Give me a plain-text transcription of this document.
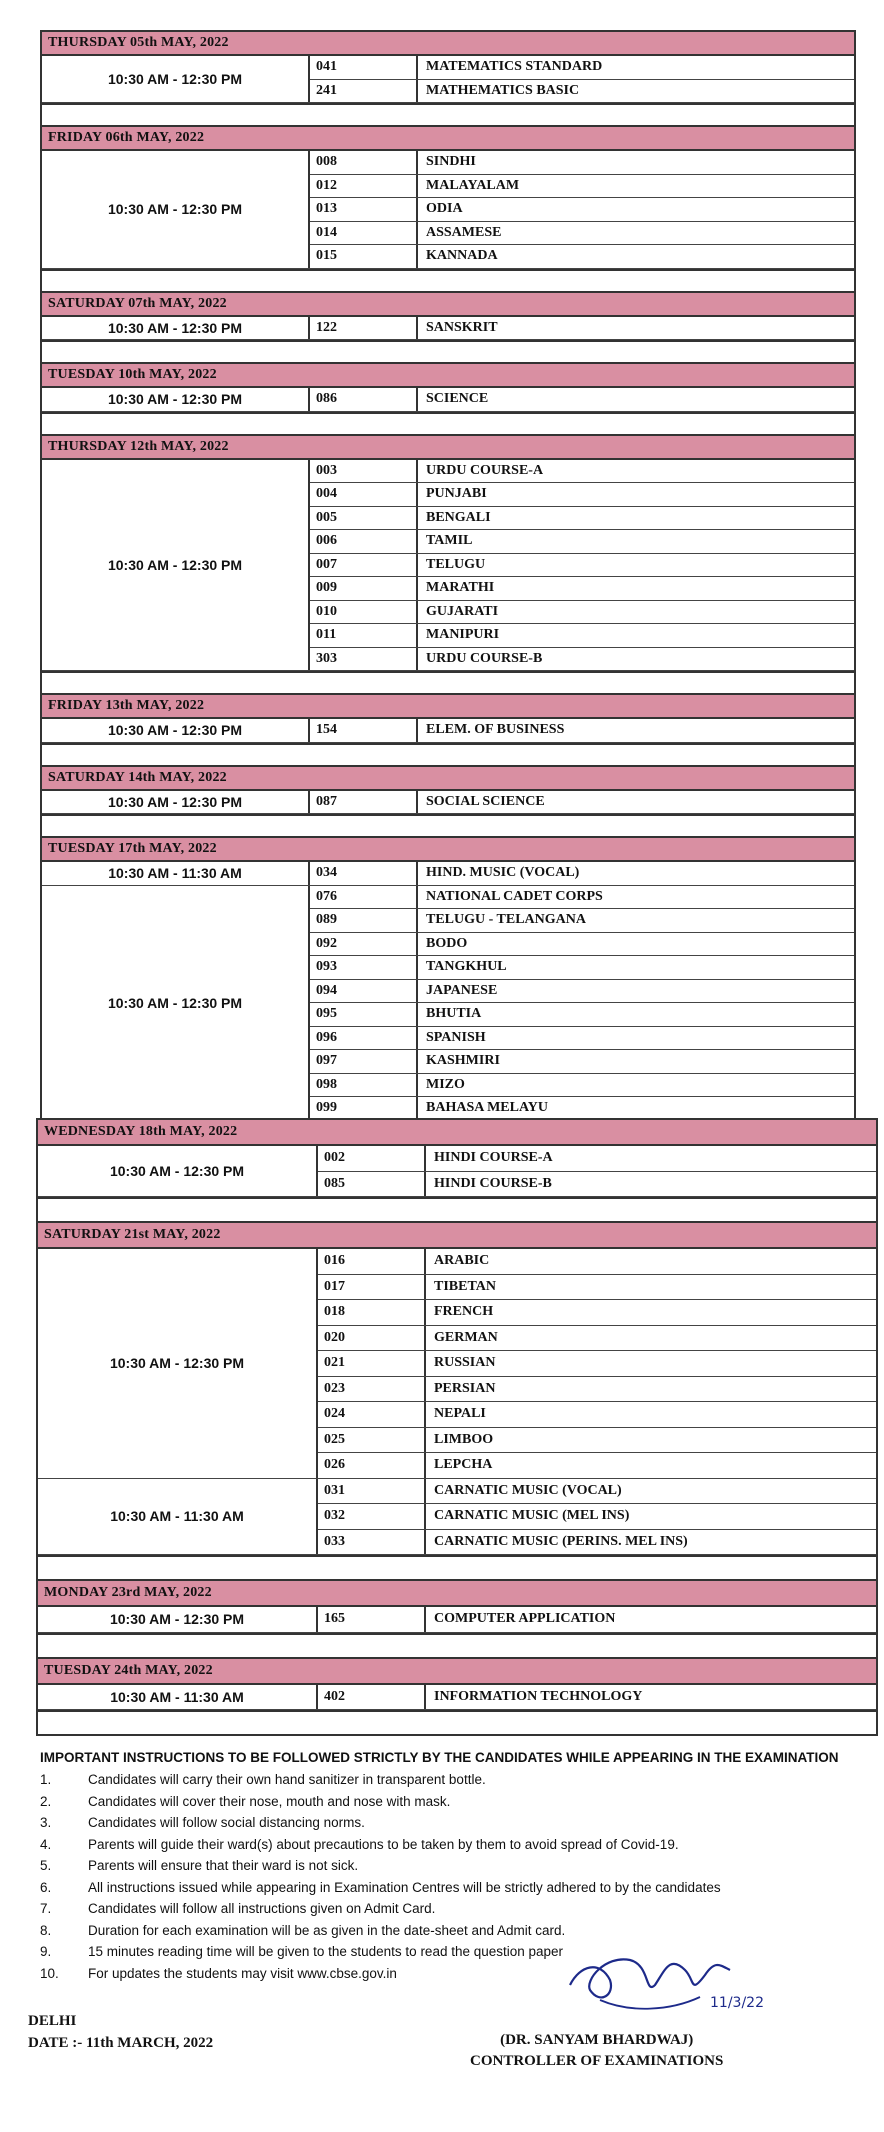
THURSDAY 05th MAY, 2022
10:30 AM - 12:30 PM
041	MATEMATICS STANDARD
241	MATHEMATICS BASIC
FRIDAY 06th MAY, 2022
10:30 AM - 12:30 PM
008	SINDHI
012	MALAYALAM
013	ODIA
014	ASSAMESE
015	KANNADA
SATURDAY 07th MAY, 2022
10:30 AM - 12:30 PM	122	SANSKRIT
TUESDAY 10th MAY, 2022
10:30 AM - 12:30 PM	086	SCIENCE
THURSDAY 12th MAY, 2022
10:30 AM - 12:30 PM
003	URDU COURSE-A
004	PUNJABI
005	BENGALI
006	TAMIL
007	TELUGU
009	MARATHI
010	GUJARATI
011	MANIPURI
303	URDU COURSE-B
FRIDAY 13th MAY, 2022
10:30 AM - 12:30 PM	154	ELEM. OF BUSINESS
SATURDAY 14th MAY, 2022
10:30 AM - 12:30 PM	087	SOCIAL SCIENCE
TUESDAY 17th MAY, 2022
10:30 AM - 11:30 AM	034	HIND. MUSIC (VOCAL)
10:30 AM - 12:30 PM
076	NATIONAL CADET CORPS
089	TELUGU - TELANGANA
092	BODO
093	TANGKHUL
094	JAPANESE
095	BHUTIA
096	SPANISH
097	KASHMIRI
098	MIZO
099	BAHASA MELAYU
WEDNESDAY 18th MAY, 2022
10:30 AM - 12:30 PM
002	HINDI COURSE-A
085	HINDI COURSE-B
SATURDAY 21st MAY, 2022
10:30 AM - 12:30 PM
016	ARABIC
017	TIBETAN
018	FRENCH
020	GERMAN
021	RUSSIAN
023	PERSIAN
024	NEPALI
025	LIMBOO
026	LEPCHA
10:30 AM - 11:30 AM
031	CARNATIC MUSIC (VOCAL)
032	CARNATIC MUSIC (MEL INS)
033	CARNATIC MUSIC (PERINS. MEL INS)
MONDAY 23rd MAY, 2022
10:30 AM - 12:30 PM	165	COMPUTER APPLICATION
TUESDAY 24th MAY, 2022
10:30 AM - 11:30 AM	402	INFORMATION TECHNOLOGY
IMPORTANT INSTRUCTIONS TO BE FOLLOWED STRICTLY BY THE CANDIDATES WHILE APPEARING IN THE EXAMINATION
1.	Candidates will carry their own hand sanitizer in transparent bottle.
2.	Candidates will cover their nose, mouth and nose with mask.
3.	Candidates will follow social distancing norms.
4.	Parents will guide their ward(s) about precautions to be taken by them to avoid spread of Covid-19.
5.	Parents will ensure that their ward is not sick.
6.	All instructions issued while appearing in Examination Centres will be strictly adhered to by the candidates
7.	Candidates will follow all instructions given on Admit Card.
8.	Duration for each examination will be as given in the date-sheet and Admit card.
9.	15 minutes reading time will be given to the students to read the question paper
10.	For updates the students may visit www.cbse.gov.in
11/3/22
DELHI
DATE :- 11th MARCH, 2022	(DR. SANYAM BHARDWAJ)
CONTROLLER OF EXAMINATIONS
